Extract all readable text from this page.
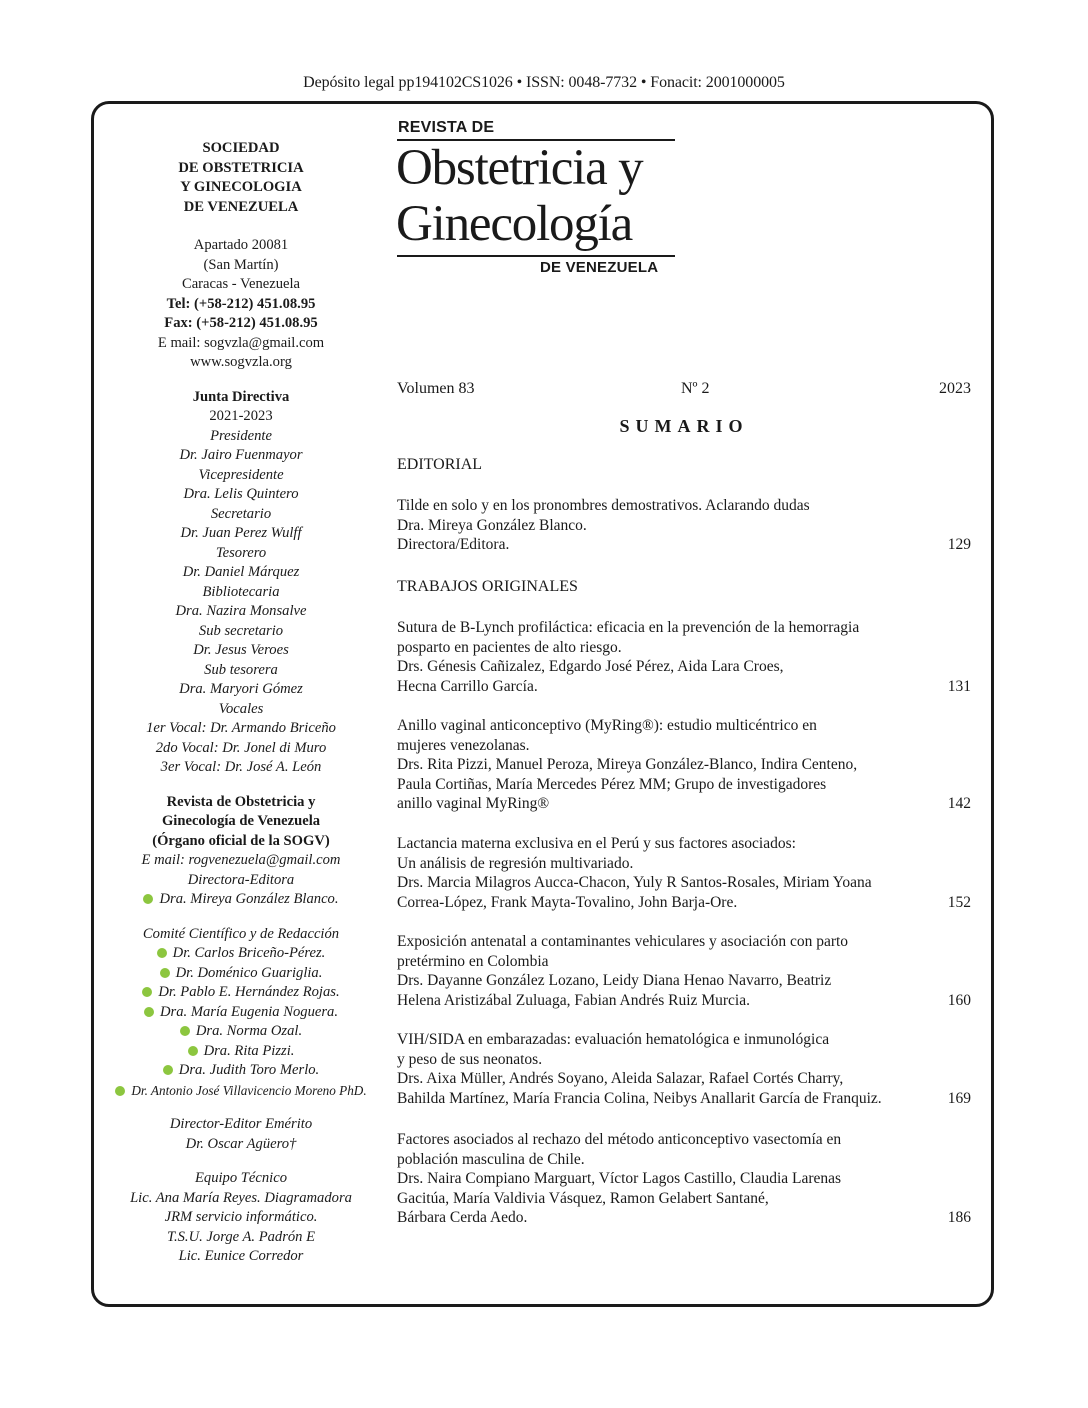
Depósito legal pp194102CS1026 • ISSN: 0048-7732 • Fonacit: 2001000005
SOCIEDAD
DE OBSTETRICIA
Y GINECOLOGIA
DE VENEZUELA
Apartado 20081
(San Martín)
Caracas - Venezuela
Tel: (+58-212) 451.08.95
Fax: (+58-212) 451.08.95
E mail: sogvzla@gmail.com
www.sogvzla.org
Junta Directiva
2021-2023
Presidente
Dr. Jairo Fuenmayor
Vicepresidente
Dra. Lelis Quintero
Secretario
Dr. Juan Perez Wulff
Tesorero
Dr. Daniel Márquez
Bibliotecaria
Dra. Nazira Monsalve
Sub secretario
Dr. Jesus Veroes
Sub tesorera
Dra. Maryori Gómez
Vocales
1er Vocal: Dr. Armando Briceño
2do Vocal: Dr. Jonel di Muro
3er Vocal: Dr. José A. León
Revista de Obstetricia y
Ginecología de Venezuela
(Órgano oficial de la SOGV)
E mail: rogvenezuela@gmail.com
Directora-Editora
Dra. Mireya González Blanco.
Comité Científico y de Redacción
Dr. Carlos Briceño-Pérez.
Dr. Doménico Guariglia.
Dr. Pablo E. Hernández Rojas.
Dra. María Eugenia Noguera.
Dra. Norma Ozal.
Dra. Rita Pizzi.
Dra. Judith Toro Merlo.
Dr. Antonio José Villavicencio Moreno PhD.
Director-Editor Emérito
Dr. Oscar Agüero†
Equipo Técnico
Lic. Ana María Reyes. Diagramadora
JRM servicio informático.
T.S.U. Jorge A. Padrón E
Lic. Eunice Corredor
REVISTA DE
Obstetricia y
Ginecología
DE VENEZUELA
Volumen 83	Nº 2	2023
SUMARIO
EDITORIAL
Tilde en solo y en los pronombres demostrativos. Aclarando dudas
Dra. Mireya González Blanco.
Directora/Editora.	129
TRABAJOS ORIGINALES
Sutura de B-Lynch profiláctica: eficacia en la prevención de la hemorragia
posparto en pacientes de alto riesgo.
Drs. Génesis Cañizalez, Edgardo José Pérez, Aida Lara Croes,
Hecna Carrillo García.	131
Anillo vaginal anticonceptivo (MyRing®): estudio multicéntrico en
mujeres venezolanas.
Drs. Rita Pizzi, Manuel Peroza, Mireya González-Blanco, Indira Centeno,
Paula Cortiñas, María Mercedes Pérez MM; Grupo de investigadores
anillo vaginal MyRing®	142
Lactancia materna exclusiva en el Perú y sus factores asociados:
Un análisis de regresión multivariado.
Drs. Marcia Milagros Aucca-Chacon, Yuly R Santos-Rosales, Miriam Yoana
Correa-López, Frank Mayta-Tovalino, John Barja-Ore.	152
Exposición antenatal a contaminantes vehiculares y asociación con parto
pretérmino en Colombia
Drs. Dayanne González Lozano, Leidy Diana Henao Navarro, Beatriz
Helena Aristizábal Zuluaga, Fabian Andrés Ruiz Murcia.	160
VIH/SIDA en embarazadas: evaluación hematológica e inmunológica
y peso de sus neonatos.
Drs. Aixa Müller, Andrés Soyano, Aleida Salazar, Rafael Cortés Charry,
Bahilda Martínez, María Francia Colina, Neibys Anallarit García de Franquiz.	169
Factores asociados al rechazo del método anticonceptivo vasectomía en
población masculina de Chile.
Drs. Naira Compiano Marguart, Víctor Lagos Castillo, Claudia Larenas
Gacitúa, María Valdivia Vásquez, Ramon Gelabert Santané,
Bárbara Cerda Aedo.	186
